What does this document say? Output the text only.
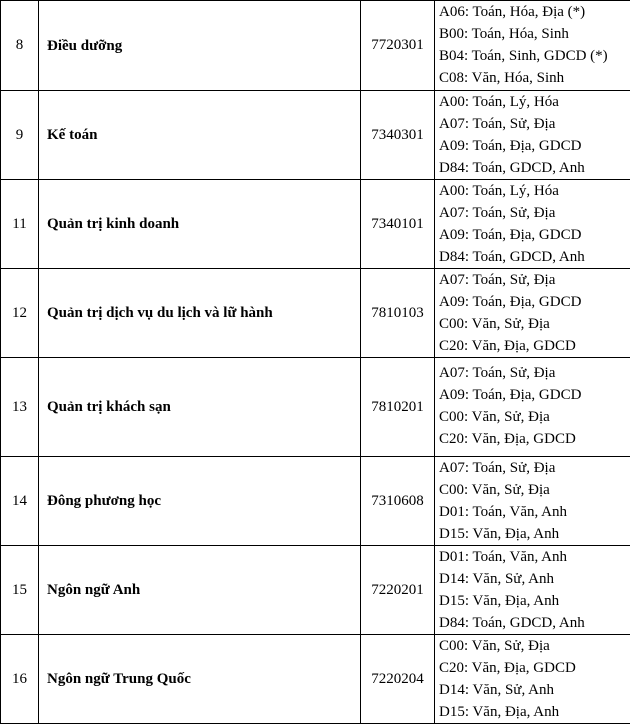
8	Điều dưỡng	7720301	A06: Toán, Hóa, Địa (*)
B00: Toán, Hóa, Sinh
B04: Toán, Sinh, GDCD (*)
C08: Văn, Hóa, Sinh

9	Kế toán	7340301	A00: Toán, Lý, Hóa
A07: Toán, Sử, Địa
A09: Toán, Địa, GDCD
D84: Toán, GDCD, Anh

11	Quản trị kinh doanh	7340101	A00: Toán, Lý, Hóa
A07: Toán, Sử, Địa
A09: Toán, Địa, GDCD
D84: Toán, GDCD, Anh

12	Quản trị dịch vụ du lịch và lữ hành	7810103	A07: Toán, Sử, Địa
A09: Toán, Địa, GDCD
C00: Văn, Sử, Địa
C20: Văn, Địa, GDCD

13	Quản trị khách sạn	7810201	A07: Toán, Sử, Địa
A09: Toán, Địa, GDCD
C00: Văn, Sử, Địa
C20: Văn, Địa, GDCD

14	Đông phương học	7310608	A07: Toán, Sử, Địa
C00: Văn, Sử, Địa
D01: Toán, Văn, Anh
D15: Văn, Địa, Anh

15	Ngôn ngữ Anh	7220201	D01: Toán, Văn, Anh
D14: Văn, Sử, Anh
D15: Văn, Địa, Anh
D84: Toán, GDCD, Anh

16	Ngôn ngữ Trung Quốc	7220204	C00: Văn, Sử, Địa
C20: Văn, Địa, GDCD
D14: Văn, Sử, Anh
D15: Văn, Địa, Anh
